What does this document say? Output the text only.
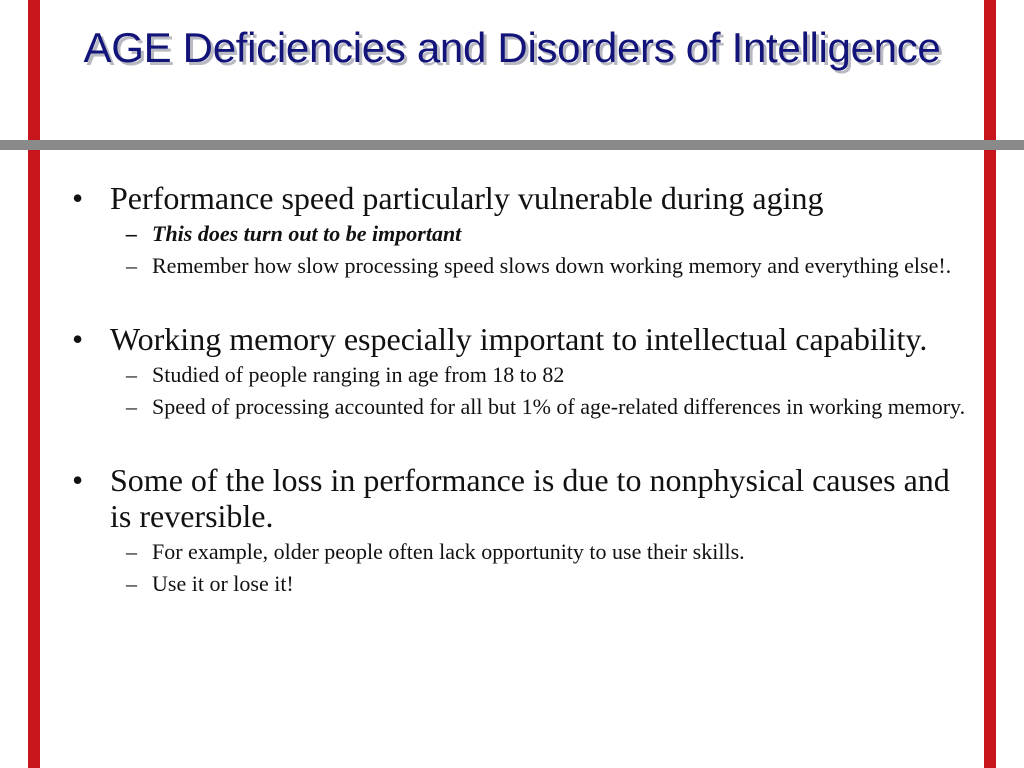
AGE Deficiencies and Disorders of Intelligence
• Performance speed particularly vulnerable during aging
– This does turn out to be important
– Remember how slow processing speed slows down working memory and everything else!.
• Working memory especially important to intellectual capability.
– Studied of people ranging in age from 18 to 82
– Speed of processing accounted for all but 1% of age-related differences in working memory.
• Some of the loss in performance is due to nonphysical causes and is reversible.
– For example, older people often lack opportunity to use their skills.
– Use it or lose it!
